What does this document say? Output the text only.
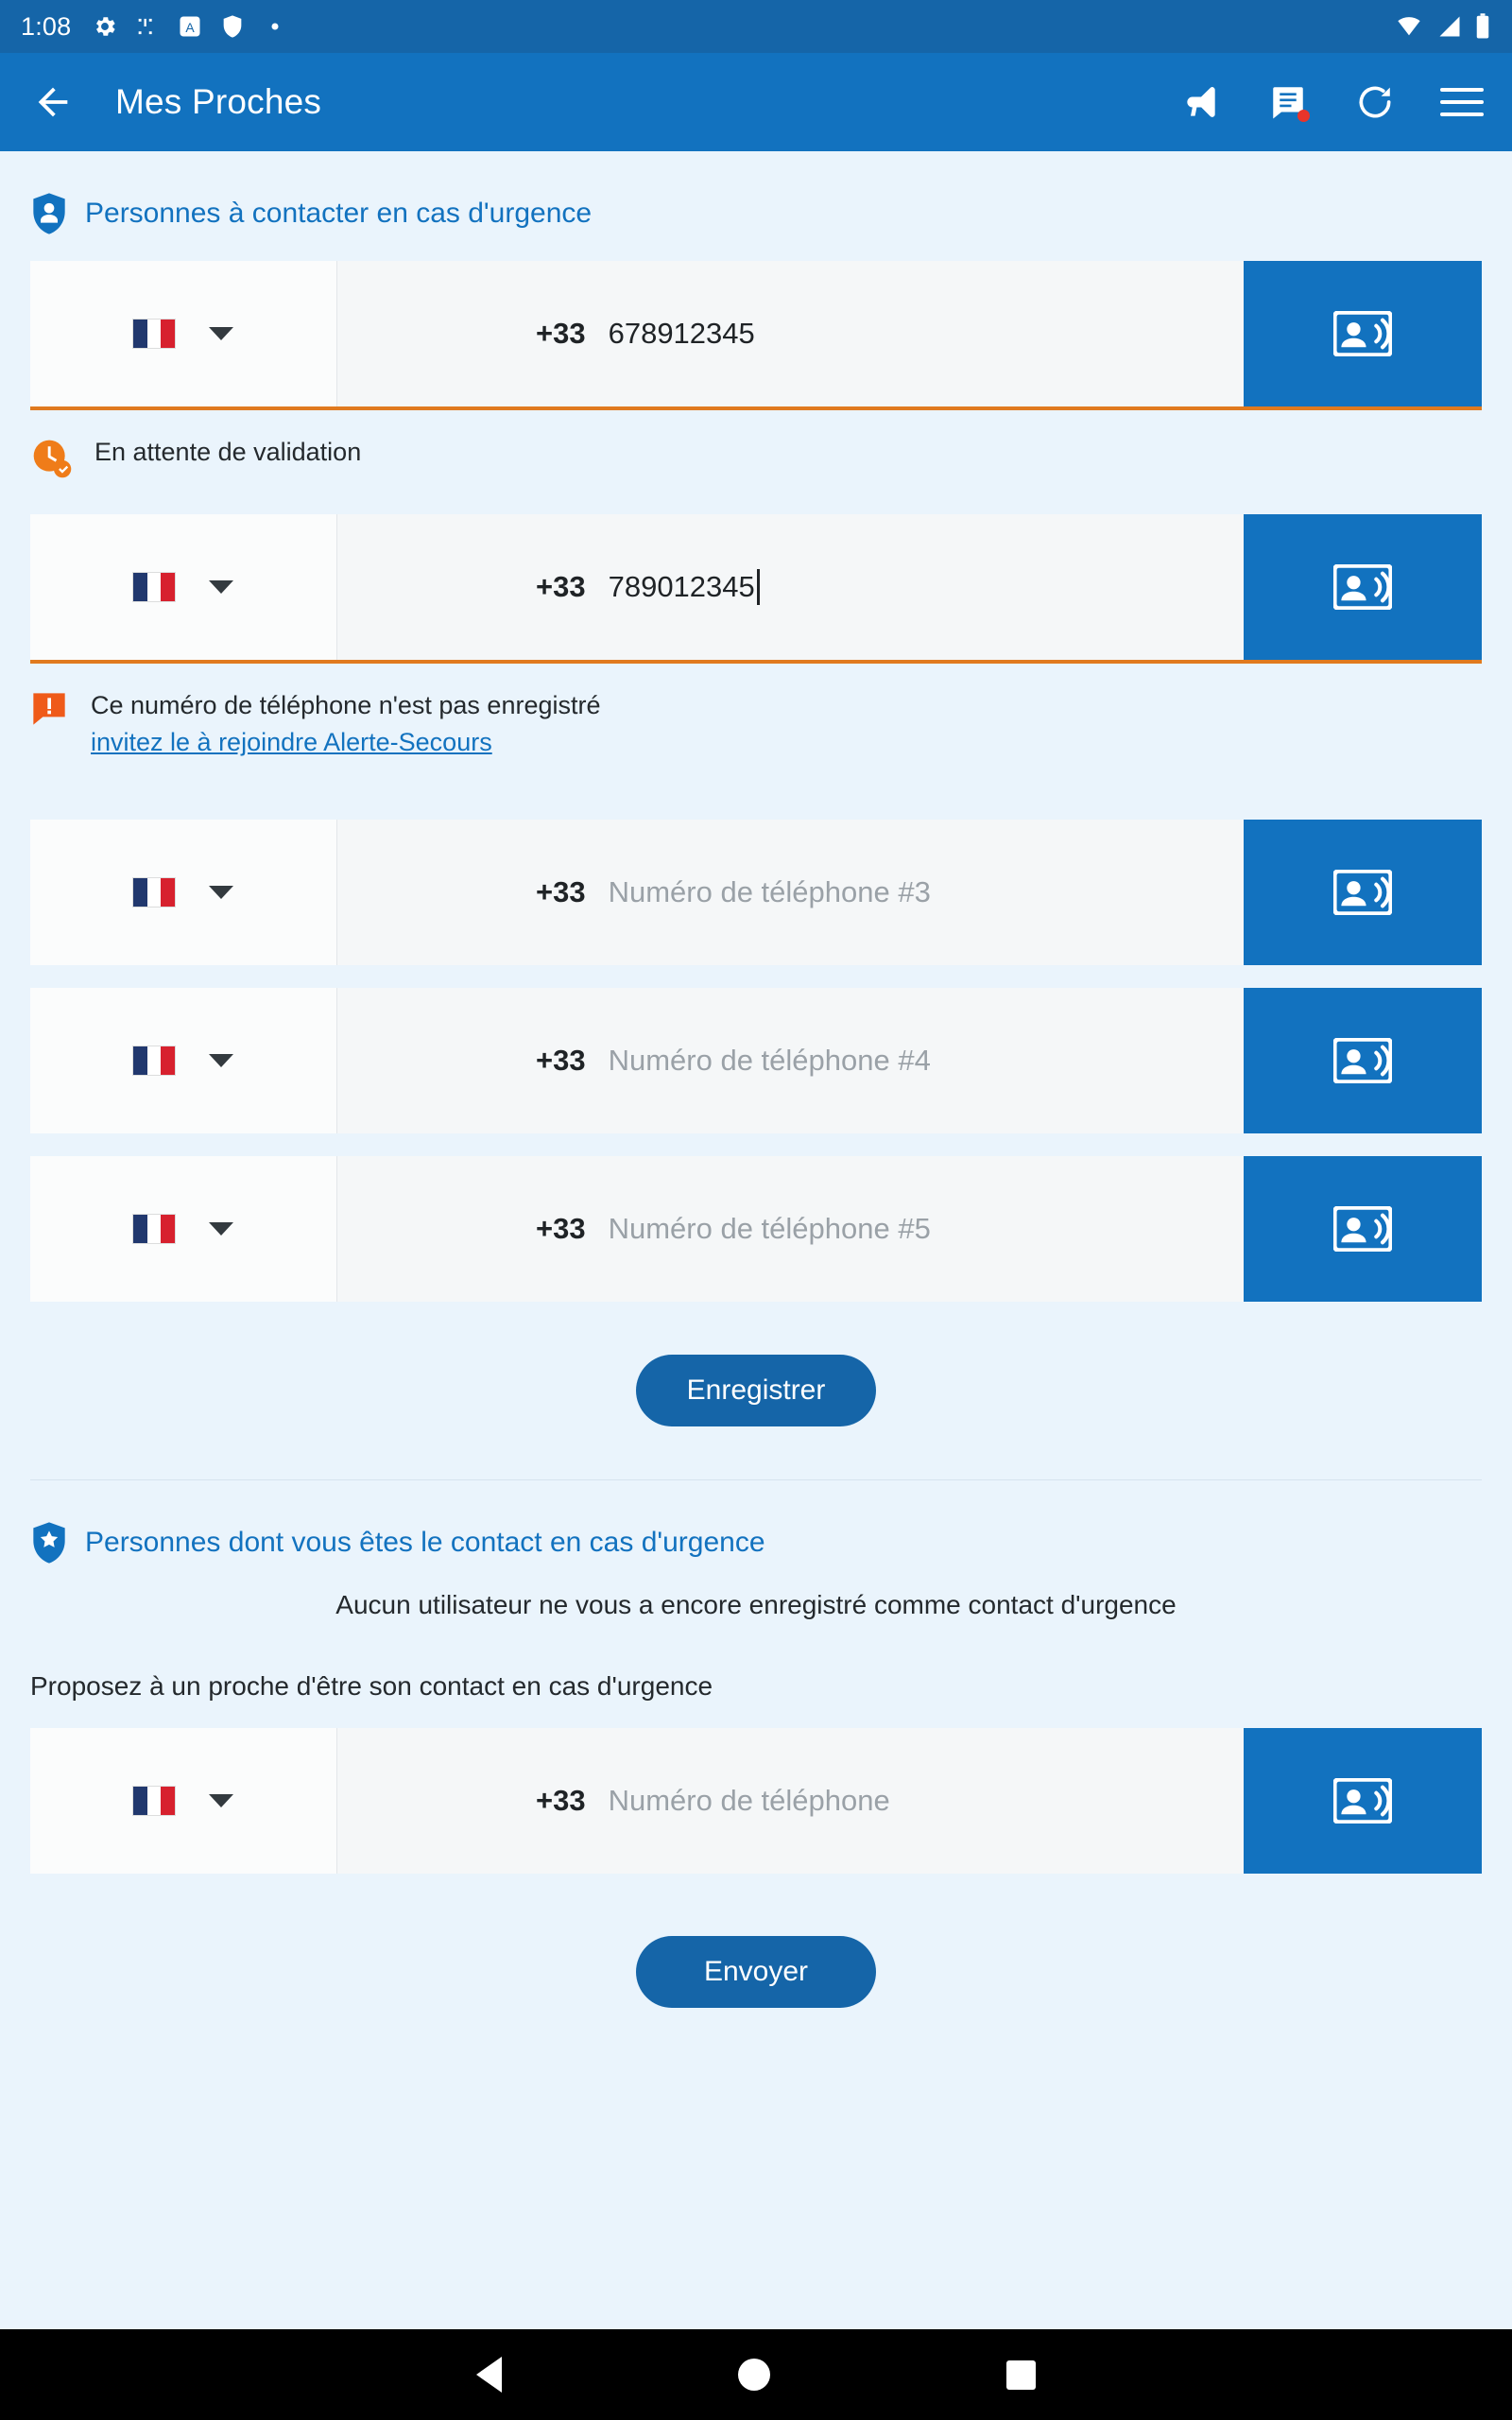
1:08	A
Mes Proches
Personnes à contacter en cas d'urgence
+33 678912345
En attente de validation
+33 789012345
Ce numéro de téléphone n'est pas enregistré
invitez le à rejoindre Alerte-Secours
+33 Numéro de téléphone #3
+33 Numéro de téléphone #4
+33 Numéro de téléphone #5
Enregistrer
Personnes dont vous êtes le contact en cas d'urgence
Aucun utilisateur ne vous a encore enregistré comme contact d'urgence
Proposez à un proche d'être son contact en cas d'urgence
+33 Numéro de téléphone
Envoyer
